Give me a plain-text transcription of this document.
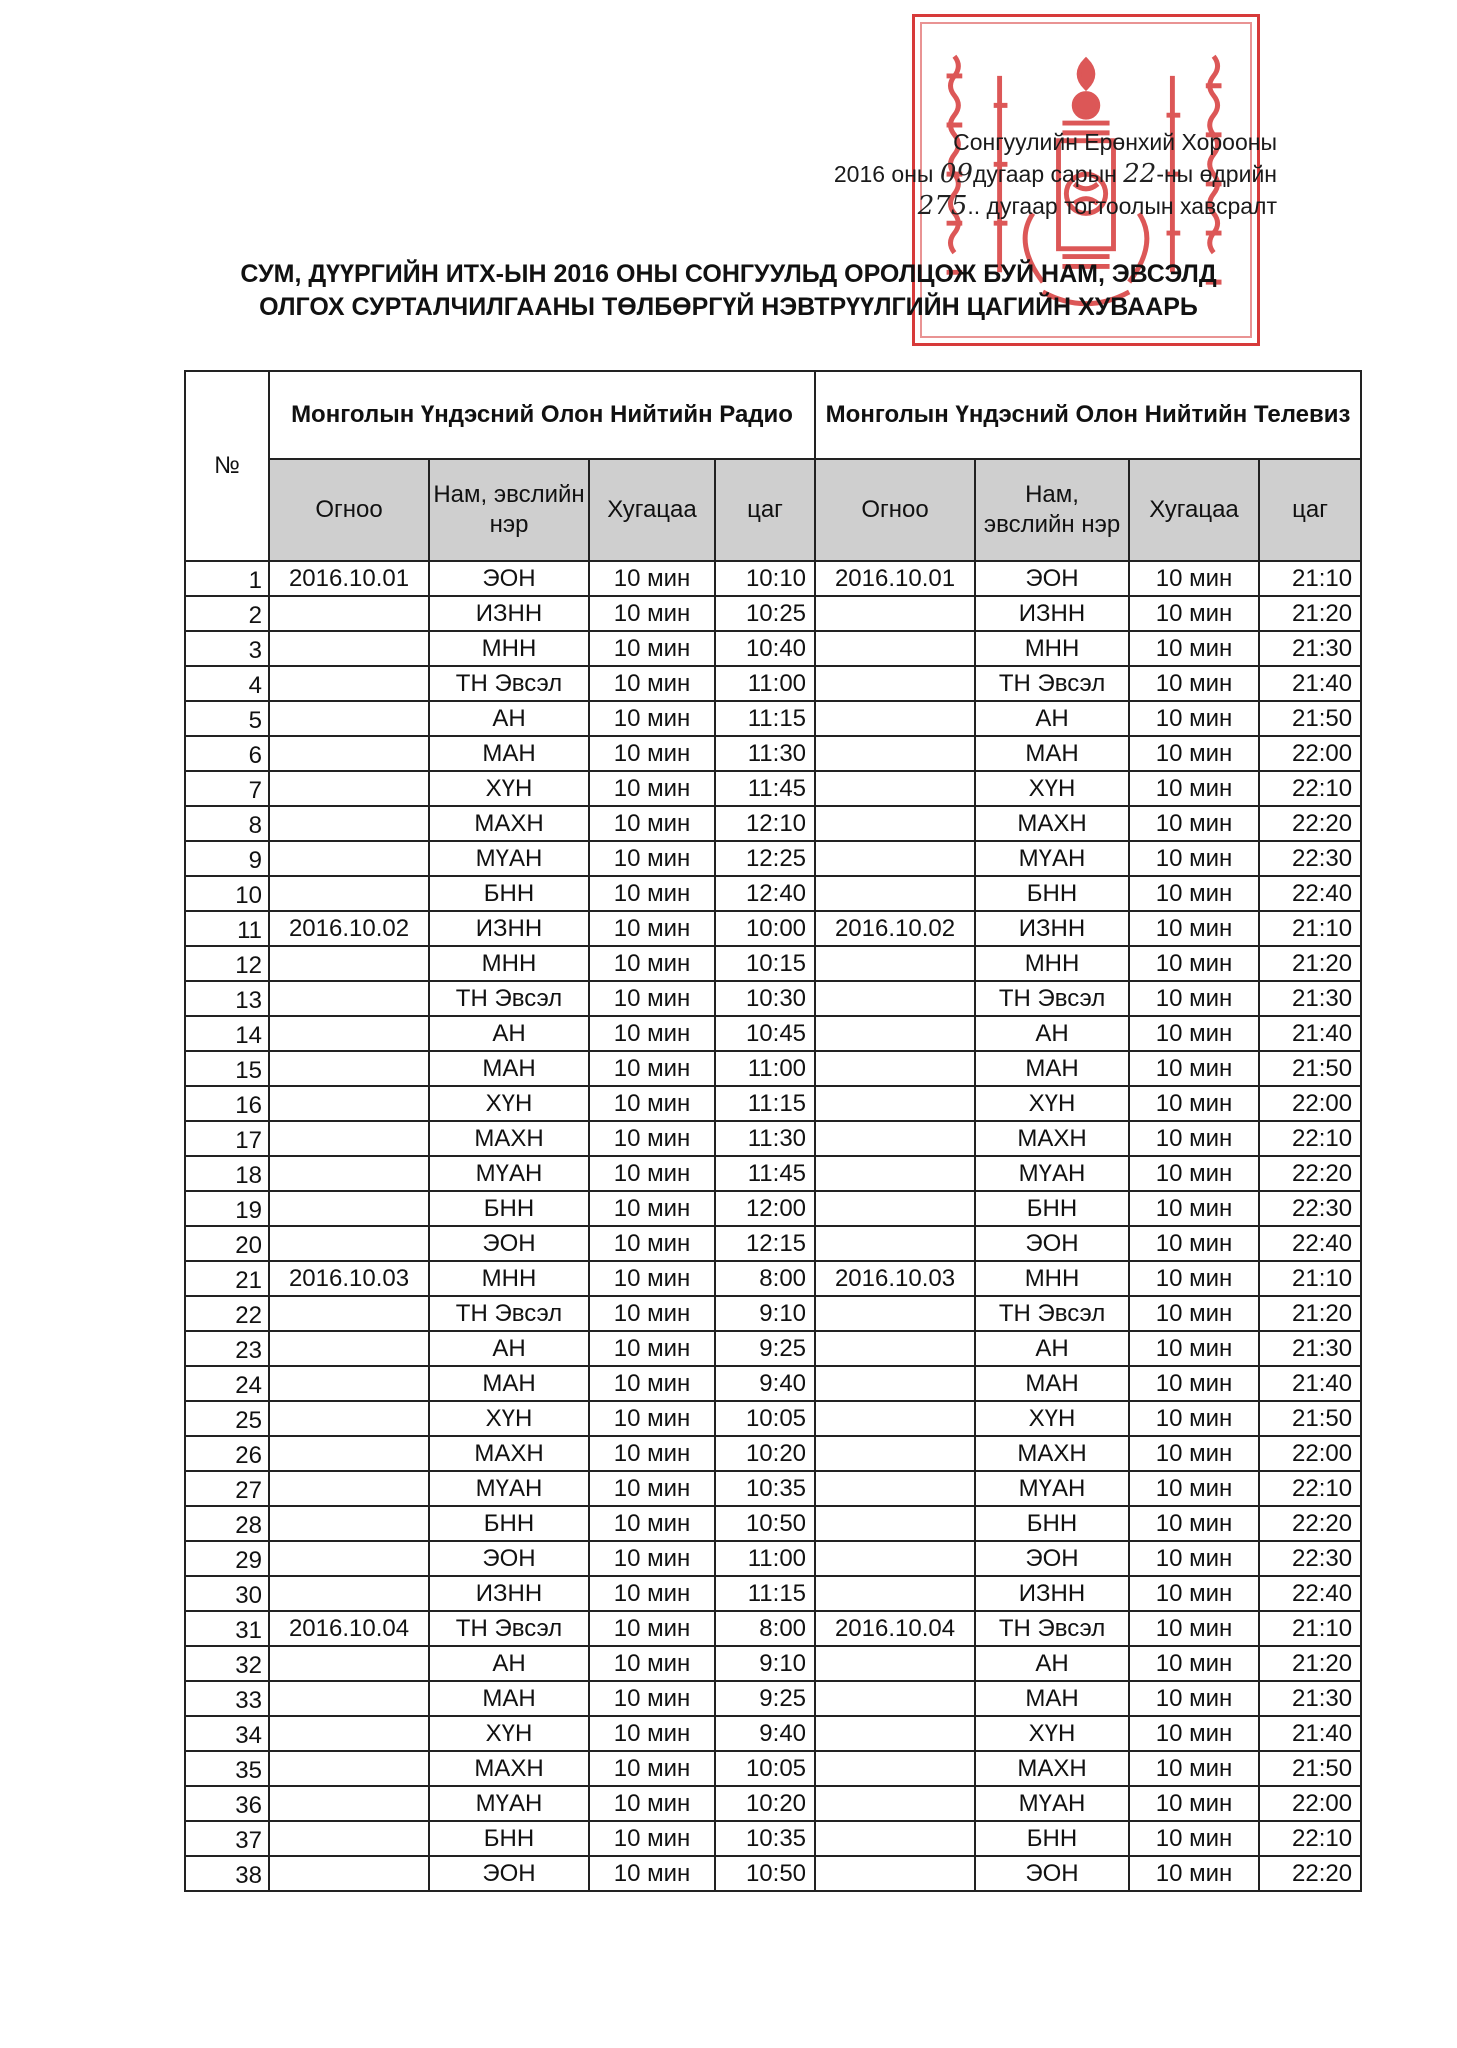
Сонгуулийн Ерөнхий Хорооны
2016 оны 09дугаар сарын 22-ны өдрийн
275.. дугаар тогтоолын хавсралт
СУМ, ДҮҮРГИЙН ИТХ-ЫН 2016 ОНЫ СОНГУУЛЬД ОРОЛЦОЖ БУЙ НАМ, ЭВСЭЛД
ОЛГОХ СУРТАЛЧИЛГААНЫ ТӨЛБӨРГҮЙ НЭВТРҮҮЛГИЙН ЦАГИЙН ХУВААРЬ
№	Монголын Үндэсний Олон Нийтийн Радио				Монголын Үндэсний Олон Нийтийн Телевиз			
	Огноо	Нам, эвслийн нэр	Хугацаа	цаг	Огноо	Нам, эвслийн нэр	Хугацаа	цаг
1	2016.10.01	ЭОН	10 мин	10:10	2016.10.01	ЭОН	10 мин	21:10
2		ИЗНН	10 мин	10:25		ИЗНН	10 мин	21:20
3		МНН	10 мин	10:40		МНН	10 мин	21:30
4		ТН Эвсэл	10 мин	11:00		ТН Эвсэл	10 мин	21:40
5		АН	10 мин	11:15		АН	10 мин	21:50
6		МАН	10 мин	11:30		МАН	10 мин	22:00
7		ХҮН	10 мин	11:45		ХҮН	10 мин	22:10
8		МАХН	10 мин	12:10		МАХН	10 мин	22:20
9		МҮАН	10 мин	12:25		МҮАН	10 мин	22:30
10		БНН	10 мин	12:40		БНН	10 мин	22:40
11	2016.10.02	ИЗНН	10 мин	10:00	2016.10.02	ИЗНН	10 мин	21:10
12		МНН	10 мин	10:15		МНН	10 мин	21:20
13		ТН Эвсэл	10 мин	10:30		ТН Эвсэл	10 мин	21:30
14		АН	10 мин	10:45		АН	10 мин	21:40
15		МАН	10 мин	11:00		МАН	10 мин	21:50
16		ХҮН	10 мин	11:15		ХҮН	10 мин	22:00
17		МАХН	10 мин	11:30		МАХН	10 мин	22:10
18		МҮАН	10 мин	11:45		МҮАН	10 мин	22:20
19		БНН	10 мин	12:00		БНН	10 мин	22:30
20		ЭОН	10 мин	12:15		ЭОН	10 мин	22:40
21	2016.10.03	МНН	10 мин	8:00	2016.10.03	МНН	10 мин	21:10
22		ТН Эвсэл	10 мин	9:10		ТН Эвсэл	10 мин	21:20
23		АН	10 мин	9:25		АН	10 мин	21:30
24		МАН	10 мин	9:40		МАН	10 мин	21:40
25		ХҮН	10 мин	10:05		ХҮН	10 мин	21:50
26		МАХН	10 мин	10:20		МАХН	10 мин	22:00
27		МҮАН	10 мин	10:35		МҮАН	10 мин	22:10
28		БНН	10 мин	10:50		БНН	10 мин	22:20
29		ЭОН	10 мин	11:00		ЭОН	10 мин	22:30
30		ИЗНН	10 мин	11:15		ИЗНН	10 мин	22:40
31	2016.10.04	ТН Эвсэл	10 мин	8:00	2016.10.04	ТН Эвсэл	10 мин	21:10
32		АН	10 мин	9:10		АН	10 мин	21:20
33		МАН	10 мин	9:25		МАН	10 мин	21:30
34		ХҮН	10 мин	9:40		ХҮН	10 мин	21:40
35		МАХН	10 мин	10:05		МАХН	10 мин	21:50
36		МҮАН	10 мин	10:20		МҮАН	10 мин	22:00
37		БНН	10 мин	10:35		БНН	10 мин	22:10
38		ЭОН	10 мин	10:50		ЭОН	10 мин	22:20
